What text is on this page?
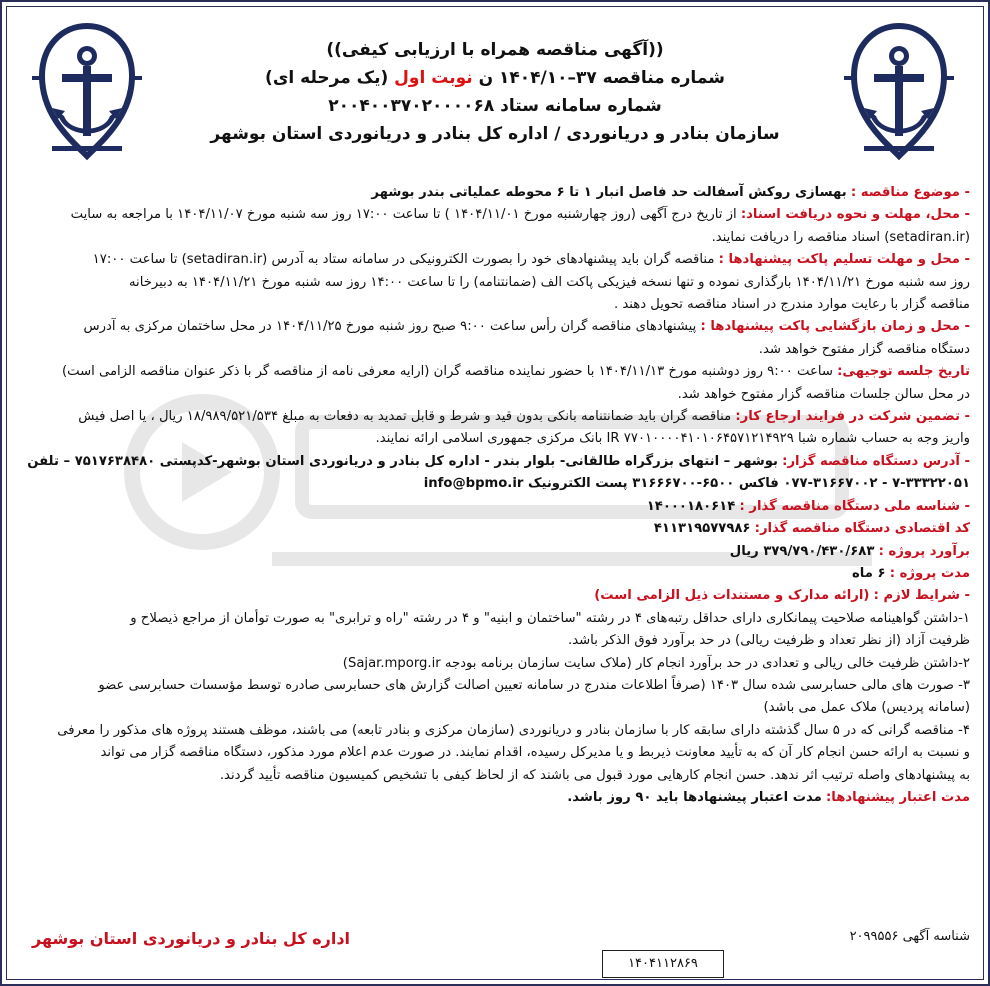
((آگهی مناقصه همراه با ارزیابی کیفی))
شماره مناقصه ۳۷–۱۴۰۴/۱۰ ن نوبت اول (یک مرحله ای)
شماره سامانه ستاد ۲۰۰۴۰۰۳۷۰۲۰۰۰۰۶۸
سازمان بنادر و دریانوردی / اداره کل بنادر و دریانوردی استان بوشهر

- موضوع مناقصه : بهسازی روکش آسفالت حد فاصل انبار ۱ تا ۶ محوطه عملیاتی بندر بوشهر

- محل، مهلت و نحوه دریافت اسناد: از تاریخ درج آگهی (روز چهارشنبه مورخ ۱۴۰۴/۱۱/۰۱ ) تا ساعت ۱۷:۰۰ روز سه شنبه مورخ ۱۴۰۴/۱۱/۰۷ با مراجعه به سایت

(setadiran.ir) اسناد مناقصه را دریافت نمایند.

- محل و مهلت تسلیم پاکت پیشنهادها : مناقصه گران باید پیشنهادهای خود را بصورت الکترونیکی در سامانه ستاد به آدرس (setadiran.ir) تا ساعت ۱۷:۰۰

روز سه شنبه مورخ ۱۴۰۴/۱۱/۲۱ بارگذاری نموده و تنها نسخه فیزیکی پاکت الف (ضمانتنامه) را تا ساعت ۱۴:۰۰ روز سه شنبه مورخ ۱۴۰۴/۱۱/۲۱ به دبیرخانه

مناقصه گزار با رعایت موارد مندرج در اسناد مناقصه تحویل دهند .

- محل و زمان بازگشایی پاکت پیشنهادها : پیشنهادهای مناقصه گران رأس ساعت ۹:۰۰ صبح روز شنبه مورخ ۱۴۰۴/۱۱/۲۵ در محل ساختمان مرکزی به آدرس

دستگاه مناقصه گزار مفتوح خواهد شد.

تاریخ جلسه توجیهی: ساعت ۹:۰۰ روز دوشنبه مورخ ۱۴۰۴/۱۱/۱۳ با حضور نماینده مناقصه گران (ارایه معرفی نامه از مناقصه گر با ذکر عنوان مناقصه الزامی است)

در محل سالن جلسات مناقصه گزار مفتوح خواهد شد.

- تضمین شرکت در فرایند ارجاع کار: مناقصه گران باید ضمانتنامه بانکی بدون قید و شرط و قابل تمدید به دفعات به مبلغ ۱۸/۹۸۹/۵۲۱/۵۳۴ ریال ، یا اصل فیش

واریز وجه به حساب شماره شبا IR ۷۷۰۱۰۰۰۰۴۱۰۱۰۶۴۵۷۱۲۱۴۹۲۹ بانک مرکزی جمهوری اسلامی ارائه نمایند.

- آدرس دستگاه مناقصه گزار: بوشهر – انتهای بزرگراه طالقانی- بلوار بندر - اداره کل بنادر و دریانوردی استان بوشهر-کدپستی ۷۵۱۷۶۳۸۴۸۰ – تلفن

۷-۳۳۳۲۲۰۵۱ - ۰۷۷-۳۱۶۶۷۰۰۲ فاکس ۶۵۰۰-۳۱۶۶۶۷۰۰ پست الکترونیک info@bpmo.ir

- شناسه ملی دستگاه مناقصه گذار : ۱۴۰۰۰۱۸۰۶۱۴

کد اقتصادی دستگاه مناقصه گذار: ۴۱۱۳۱۹۵۷۷۹۸۶

برآورد پروژه : ۳۷۹/۷۹۰/۴۳۰/۶۸۳ ریال

مدت پروژه : ۶ ماه

- شرایط لازم : (ارائه مدارک و مستندات ذیل الزامی است)

۱-داشتن گواهینامه صلاحیت پیمانکاری دارای حداقل رتبه‌های ۴ در رشته "ساختمان و ابنیه" و ۴ در رشته "راه و ترابری" به صورت توأمان از مراجع ذیصلاح و

ظرفیت آزاد (از نظر تعداد و ظرفیت ریالی) در حد برآورد فوق الذکر باشد.

۲-داشتن ظرفیت خالی ریالی و تعدادی در حد برآورد انجام کار (ملاک سایت سازمان برنامه بودجه Sajar.mporg.ir)

۳- صورت های مالی حسابرسی شده سال ۱۴۰۳ (صرفاً اطلاعات مندرج در سامانه تعیین اصالت گزارش های حسابرسی صادره توسط مؤسسات حسابرسی عضو

(سامانه پردیس) ملاک عمل می باشد)

۴- مناقصه گرانی که در ۵ سال گذشته دارای سابقه کار با سازمان بنادر و دریانوردی (سازمان مرکزی و بنادر تابعه) می باشند، موظف هستند پروژه های مذکور را معرفی

و نسبت به ارائه حسن انجام کار آن که به تأیید معاونت ذیربط و یا مدیرکل رسیده، اقدام نمایند. در صورت عدم اعلام مورد مذکور، دستگاه مناقصه گزار می تواند

به پیشنهادهای واصله ترتیب اثر ندهد. حسن انجام کارهایی مورد قبول می باشند که از لحاظ کیفی با تشخیص کمیسیون مناقصه تأیید گردند.

مدت اعتبار پیشنهادها: مدت اعتبار پیشنهادها باید ۹۰ روز باشد.

شناسه آگهی ۲۰۹۹۵۵۶
اداره کل بنادر و دریانوردی استان بوشهر
۱۴۰۴۱۱۲۸۶۹
